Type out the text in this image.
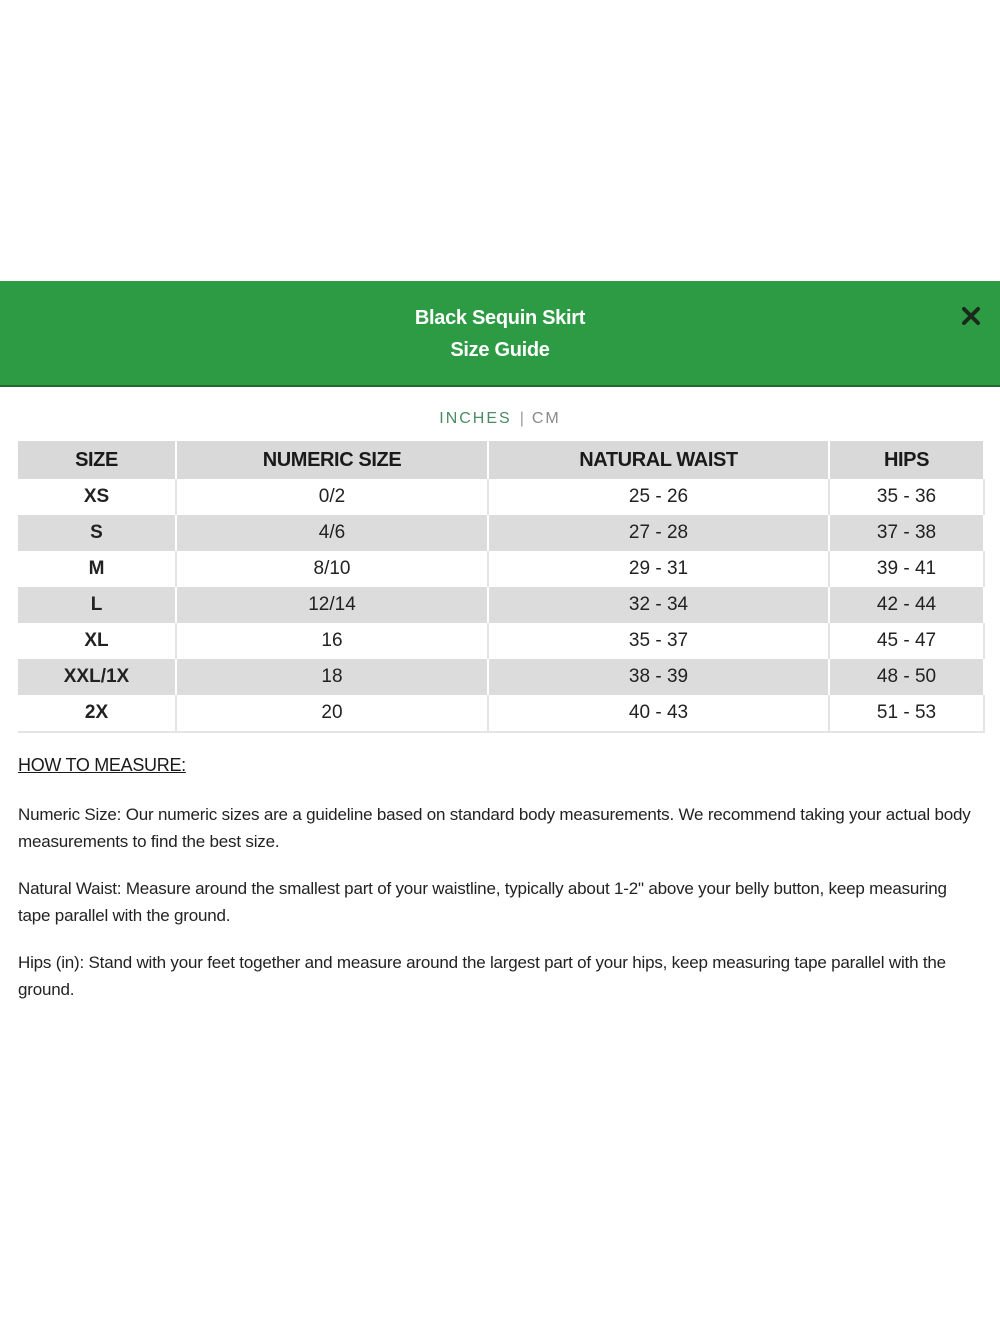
Black Sequin Skirt
Size Guide
INCHES | CM
SIZE	NUMERIC SIZE	NATURAL WAIST	HIPS
XS	0/2	25 - 26	35 - 36
S	4/6	27 - 28	37 - 38
M	8/10	29 - 31	39 - 41
L	12/14	32 - 34	42 - 44
XL	16	35 - 37	45 - 47
XXL/1X	18	38 - 39	48 - 50
2X	20	40 - 43	51 - 53
HOW TO MEASURE:
Numeric Size: Our numeric sizes are a guideline based on standard body measurements. We recommend taking your actual body measurements to find the best size.
Natural Waist: Measure around the smallest part of your waistline, typically about 1-2" above your belly button, keep measuring tape parallel with the ground.
Hips (in): Stand with your feet together and measure around the largest part of your hips, keep measuring tape parallel with the ground.
